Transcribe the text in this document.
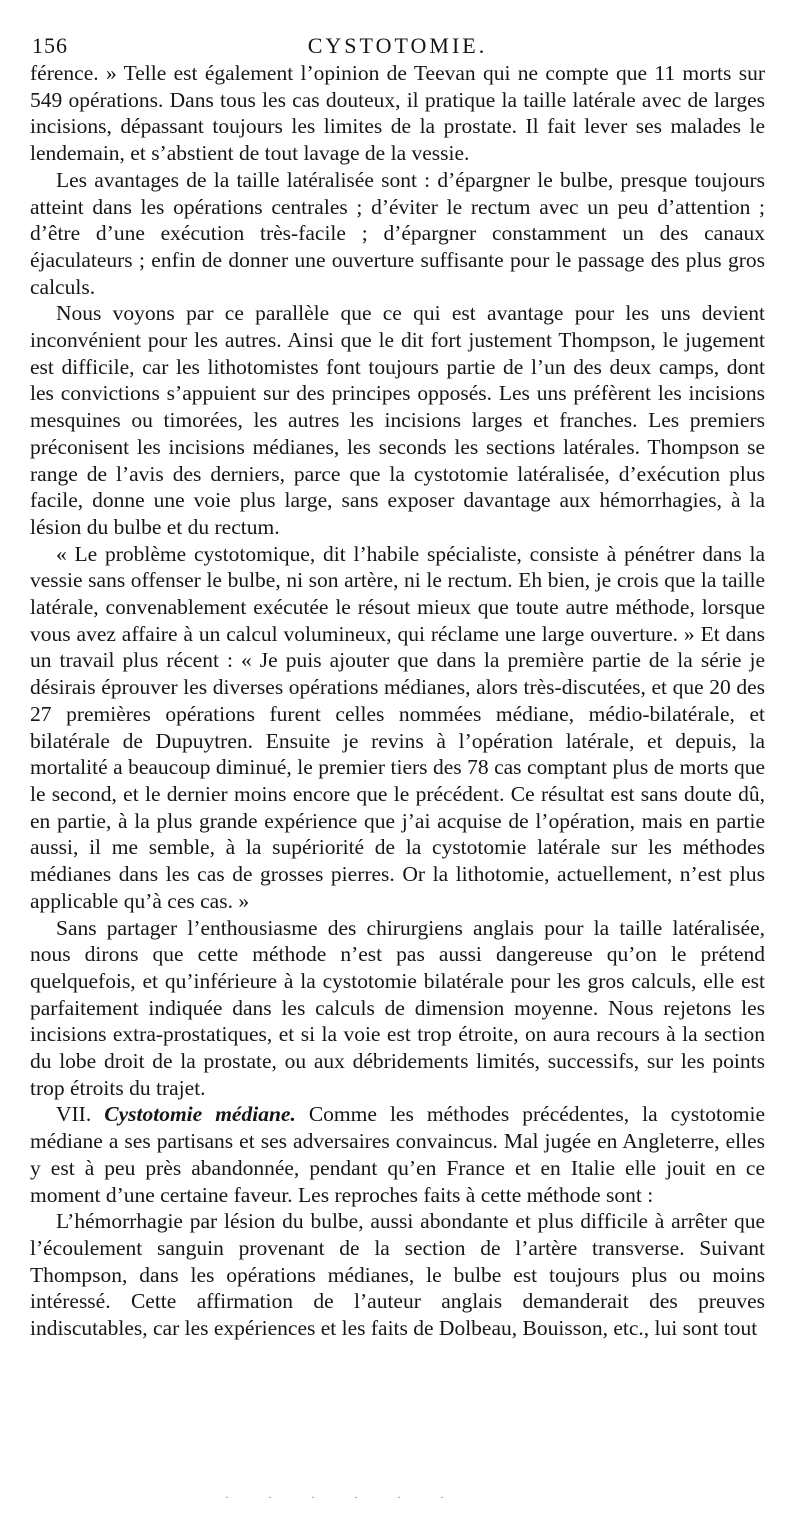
156	CYSTOTOMIE.

férence. » Telle est également l’opinion de Teevan qui ne compte que 11 morts sur 549 opérations. Dans tous les cas douteux, il pratique la taille latérale avec de larges incisions, dépassant toujours les limites de la prostate. Il fait lever ses malades le lendemain, et s’abstient de tout lavage de la vessie.

Les avantages de la taille latéralisée sont : d’épargner le bulbe, presque toujours atteint dans les opérations centrales ; d’éviter le rectum avec un peu d’attention ; d’être d’une exécution très-facile ; d’épargner constamment un des canaux éjaculateurs ; enfin de donner une ouverture suffisante pour le passage des plus gros calculs.

Nous voyons par ce parallèle que ce qui est avantage pour les uns devient inconvénient pour les autres. Ainsi que le dit fort justement Thompson, le jugement est difficile, car les lithotomistes font toujours partie de l’un des deux camps, dont les convictions s’appuient sur des principes opposés. Les uns préfèrent les incisions mesquines ou timorées, les autres les incisions larges et franches. Les premiers préconisent les incisions médianes, les seconds les sections latérales. Thompson se range de l’avis des derniers, parce que la cystotomie latéralisée, d’exécution plus facile, donne une voie plus large, sans exposer davantage aux hémorrhagies, à la lésion du bulbe et du rectum.

« Le problème cystotomique, dit l’habile spécialiste, consiste à pénétrer dans la vessie sans offenser le bulbe, ni son artère, ni le rectum. Eh bien, je crois que la taille latérale, convenablement exécutée le résout mieux que toute autre méthode, lorsque vous avez affaire à un calcul volumineux, qui réclame une large ouverture. » Et dans un travail plus récent : « Je puis ajouter que dans la première partie de la série je désirais éprouver les diverses opérations médianes, alors très-discutées, et que 20 des 27 premières opérations furent celles nommées médiane, médio-bilatérale, et bilatérale de Dupuytren. Ensuite je revins à l’opération latérale, et depuis, la mortalité a beaucoup diminué, le premier tiers des 78 cas comptant plus de morts que le second, et le dernier moins encore que le précédent. Ce résultat est sans doute dû, en partie, à la plus grande expérience que j’ai acquise de l’opération, mais en partie aussi, il me semble, à la supériorité de la cystotomie latérale sur les méthodes médianes dans les cas de grosses pierres. Or la lithotomie, actuellement, n’est plus applicable qu’à ces cas. »

Sans partager l’enthousiasme des chirurgiens anglais pour la taille latéralisée, nous dirons que cette méthode n’est pas aussi dangereuse qu’on le prétend quelquefois, et qu’inférieure à la cystotomie bilatérale pour les gros calculs, elle est parfaitement indiquée dans les calculs de dimension moyenne. Nous rejetons les incisions extra-prostatiques, et si la voie est trop étroite, on aura recours à la section du lobe droit de la prostate, ou aux débridements limités, successifs, sur les points trop étroits du trajet.

VII. Cystotomie médiane. Comme les méthodes précédentes, la cystotomie médiane a ses partisans et ses adversaires convaincus. Mal jugée en Angleterre, elles y est à peu près abandonnée, pendant qu’en France et en Italie elle jouit en ce moment d’une certaine faveur. Les reproches faits à cette méthode sont :

L’hémorrhagie par lésion du bulbe, aussi abondante et plus difficile à arrêter que l’écoulement sanguin provenant de la section de l’artère transverse. Suivant Thompson, dans les opérations médianes, le bulbe est toujours plus ou moins intéressé. Cette affirmation de l’auteur anglais demanderait des preuves indiscutables, car les expériences et les faits de Dolbeau, Bouisson, etc., lui sont tout

· · · · · ·
